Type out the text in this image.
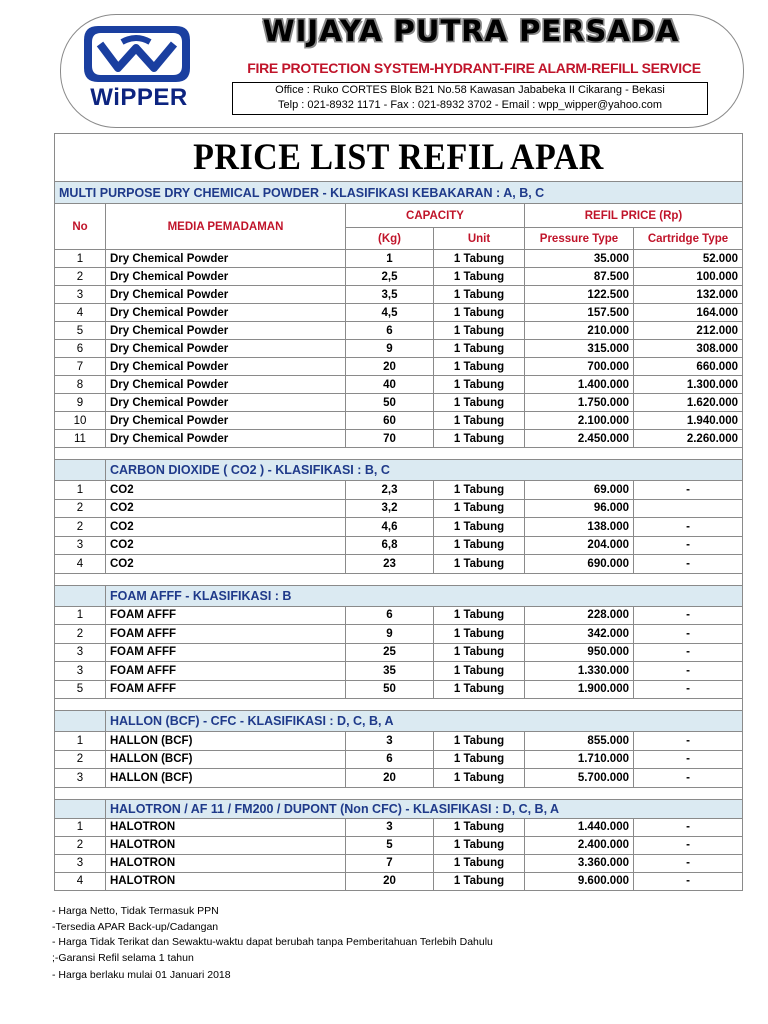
WiPPER
WIJAYA PUTRA PERSADA
FIRE PROTECTION SYSTEM-HYDRANT-FIRE ALARM-REFILL SERVICE
Office : Ruko CORTES Blok B21 No.58 Kawasan Jababeka II Cikarang - Bekasi
Telp : 021-8932 1171 - Fax : 021-8932 3702 - Email : wpp_wipper@yahoo.com
PRICE LIST REFIL APAR					
MULTI PURPOSE DRY CHEMICAL POWDER - KLASIFIKASI KEBAKARAN : A, B, C					
No	MEDIA PEMADAMAN	CAPACITY		REFIL PRICE (Rp)	
		(Kg)	Unit	Pressure Type	Cartridge Type
1	Dry Chemical Powder	1	1 Tabung	35.000	52.000
2	Dry Chemical Powder	2,5	1 Tabung	87.500	100.000
3	Dry Chemical Powder	3,5	1 Tabung	122.500	132.000
4	Dry Chemical Powder	4,5	1 Tabung	157.500	164.000
5	Dry Chemical Powder	6	1 Tabung	210.000	212.000
6	Dry Chemical Powder	9	1 Tabung	315.000	308.000
7	Dry Chemical Powder	20	1 Tabung	700.000	660.000
8	Dry Chemical Powder	40	1 Tabung	1.400.000	1.300.000
9	Dry Chemical Powder	50	1 Tabung	1.750.000	1.620.000
10	Dry Chemical Powder	60	1 Tabung	2.100.000	1.940.000
11	Dry Chemical Powder	70	1 Tabung	2.450.000	2.260.000

	CARBON DIOXIDE ( CO2 ) - KLASIFIKASI : B, C				
1	CO2	2,3	1 Tabung	69.000	-
2	CO2	3,2	1 Tabung	96.000	
2	CO2	4,6	1 Tabung	138.000	-
3	CO2	6,8	1 Tabung	204.000	-
4	CO2	23	1 Tabung	690.000	-

	FOAM AFFF - KLASIFIKASI : B				
1	FOAM AFFF	6	1 Tabung	228.000	-
2	FOAM AFFF	9	1 Tabung	342.000	-
3	FOAM AFFF	25	1 Tabung	950.000	-
3	FOAM AFFF	35	1 Tabung	1.330.000	-
5	FOAM AFFF	50	1 Tabung	1.900.000	-

	HALLON (BCF) - CFC - KLASIFIKASI : D, C, B, A				
1	HALLON (BCF)	3	1 Tabung	855.000	-
2	HALLON (BCF)	6	1 Tabung	1.710.000	-
3	HALLON (BCF)	20	1 Tabung	5.700.000	-

	HALOTRON / AF 11 / FM200 / DUPONT (Non CFC) - KLASIFIKASI : D, C, B, A				
1	HALOTRON	3	1 Tabung	1.440.000	-
2	HALOTRON	5	1 Tabung	2.400.000	-
3	HALOTRON	7	1 Tabung	3.360.000	-
4	HALOTRON	20	1 Tabung	9.600.000	-
- Harga Netto, Tidak Termasuk PPN
-Tersedia APAR Back-up/Cadangan
- Harga Tidak Terikat dan Sewaktu-waktu dapat berubah tanpa Pemberitahuan Terlebih Dahulu
;-Garansi Refil selama 1 tahun
- Harga berlaku mulai 01 Januari 2018
